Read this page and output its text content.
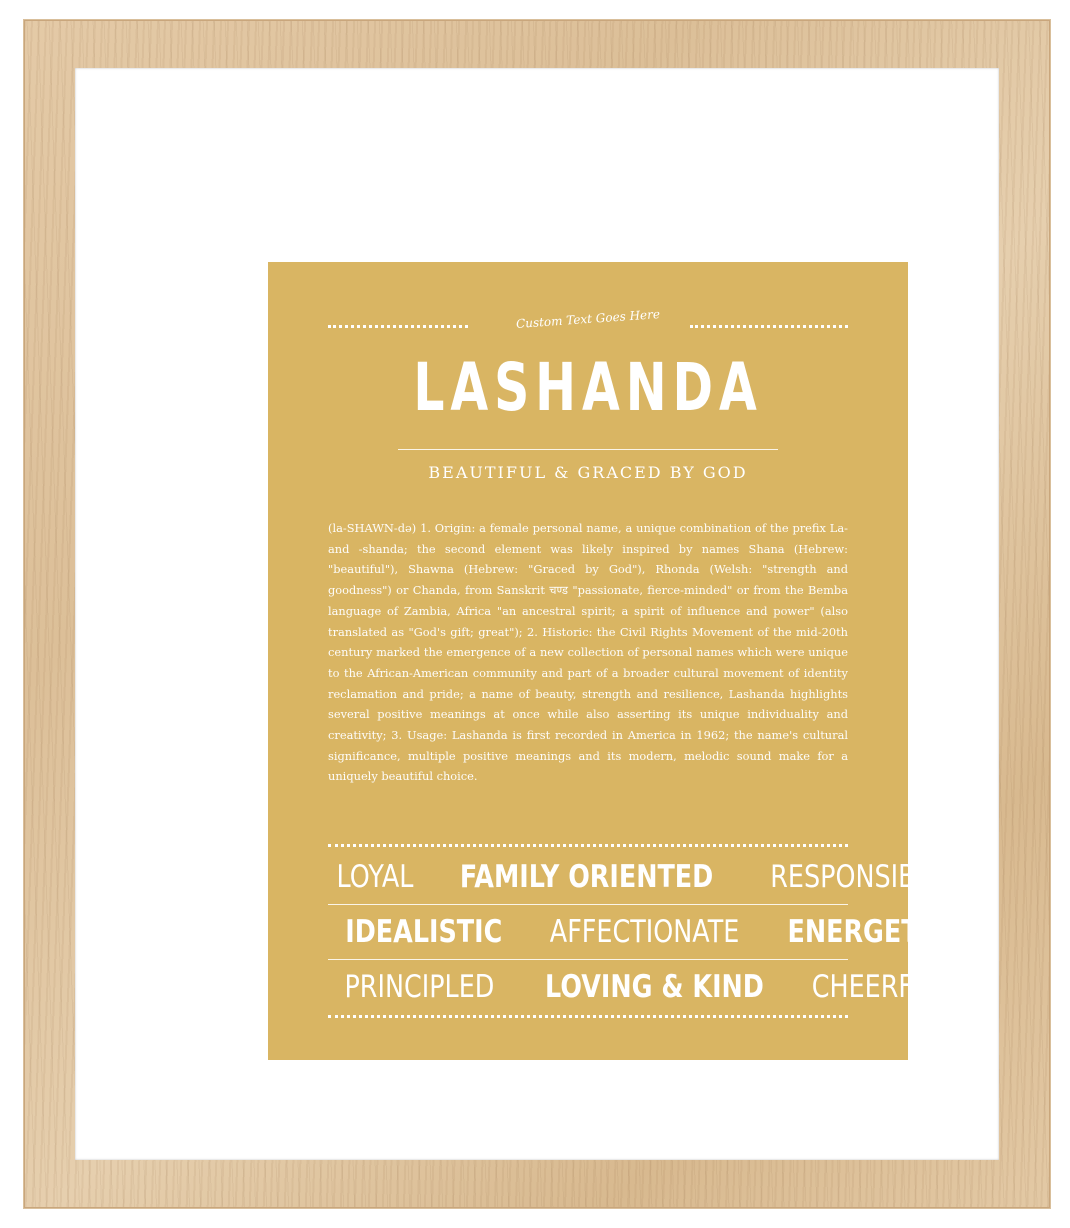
Custom Text Goes Here
LASHANDA
BEAUTIFUL & GRACED BY GOD
(la-SHAWN-də) 1. Origin: a female personal name, a unique combination of the prefix La- and -shanda; the second element was likely inspired by names Shana (Hebrew: "beautiful"), Shawna (Hebrew: "Graced by God"), Rhonda (Welsh: "strength and goodness") or Chanda, from Sanskrit चण्ड "passionate, fierce-minded" or from the Bemba language of Zambia, Africa "an ancestral spirit; a spirit of influence and power" (also translated as "God's gift; great"); 2. Historic: the Civil Rights Movement of the mid-20th century marked the emergence of a new collection of personal names which were unique to the African-American community and part of a broader cultural movement of identity reclamation and pride; a name of beauty, strength and resilience, Lashanda highlights several positive meanings at once while also asserting its unique individuality and creativity; 3. Usage: Lashanda is first recorded in America in 1962; the name's cultural significance, multiple positive meanings and its modern, melodic sound make for a uniquely beautiful choice.
LOYAL FAMILY ORIENTED RESPONSIBLE
IDEALISTIC AFFECTIONATE ENERGETIC
PRINCIPLED LOVING & KIND CHEERFUL
